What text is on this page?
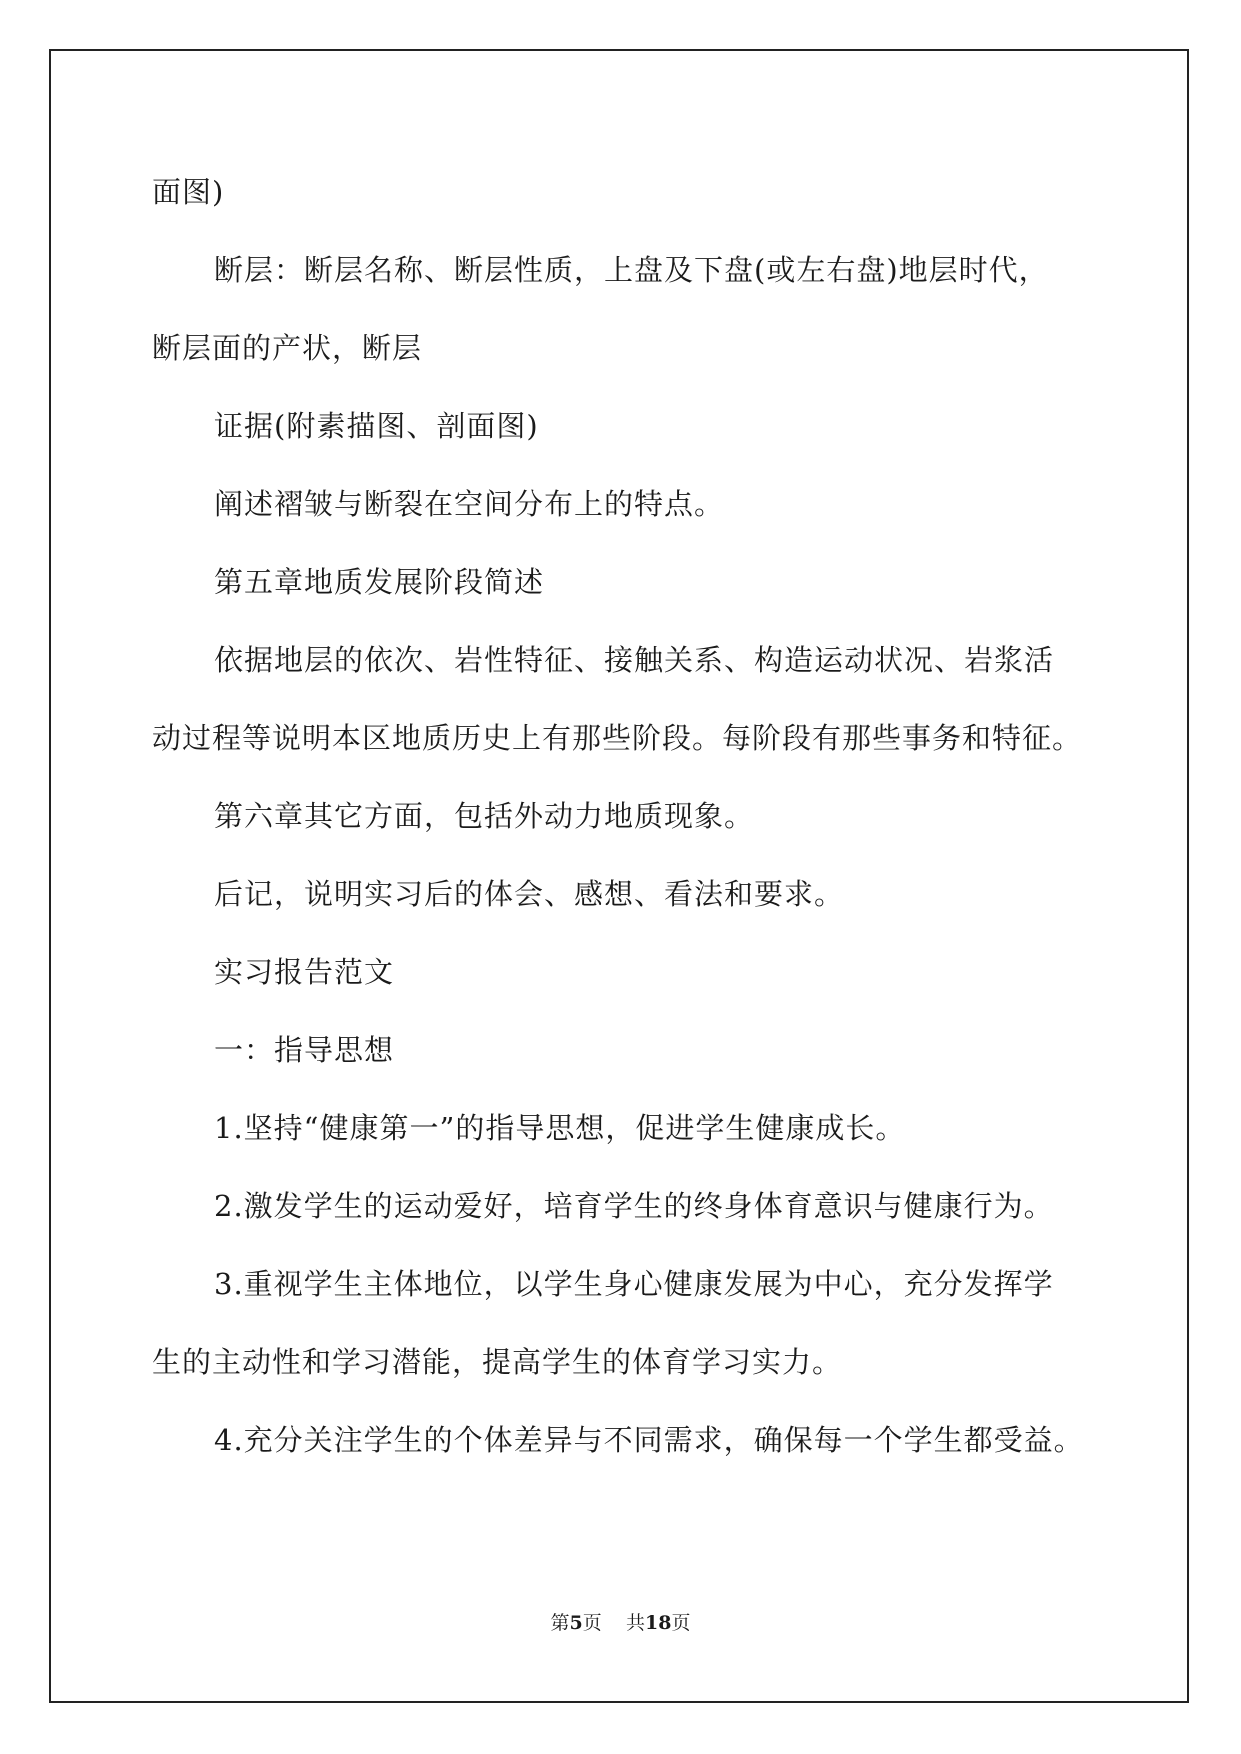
面图)
断层：断层名称、断层性质，上盘及下盘(或左右盘)地层时代，
断层面的产状，断层
证据(附素描图、剖面图)
阐述褶皱与断裂在空间分布上的特点。
第五章地质发展阶段简述
依据地层的依次、岩性特征、接触关系、构造运动状况、岩浆活
动过程等说明本区地质历史上有那些阶段。每阶段有那些事务和特征。
第六章其它方面，包括外动力地质现象。
后记，说明实习后的体会、感想、看法和要求。
实习报告范文
一：指导思想
1.坚持“健康第一”的指导思想，促进学生健康成长。
2.激发学生的运动爱好，培育学生的终身体育意识与健康行为。
3.重视学生主体地位，以学生身心健康发展为中心，充分发挥学
生的主动性和学习潜能，提高学生的体育学习实力。
4.充分关注学生的个体差异与不同需求，确保每一个学生都受益。
第5页 共18页
